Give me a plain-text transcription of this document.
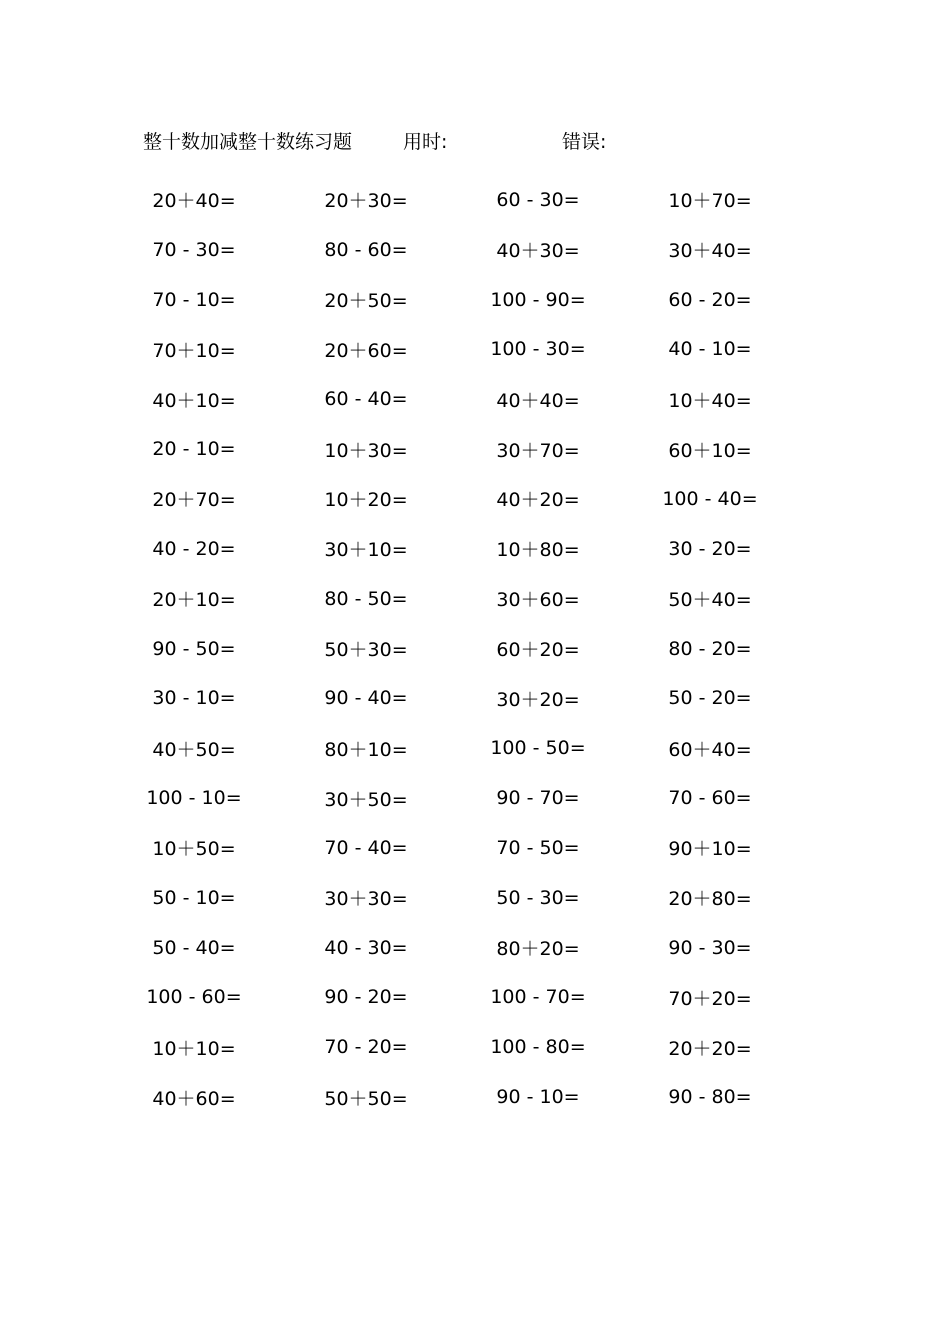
整十数加减整十数练习题	用时:	错误:
20＋40=	20＋30=	60 - 30=	10＋70=
70 - 30=	80 - 60=	40＋30=	30＋40=
70 - 10=	20＋50=	100 - 90=	60 - 20=
70＋10=	20＋60=	100 - 30=	40 - 10=
40＋10=	60 - 40=	40＋40=	10＋40=
20 - 10=	10＋30=	30＋70=	60＋10=
20＋70=	10＋20=	40＋20=	100 - 40=
40 - 20=	30＋10=	10＋80=	30 - 20=
20＋10=	80 - 50=	30＋60=	50＋40=
90 - 50=	50＋30=	60＋20=	80 - 20=
30 - 10=	90 - 40=	30＋20=	50 - 20=
40＋50=	80＋10=	100 - 50=	60＋40=
100 - 10=	30＋50=	90 - 70=	70 - 60=
10＋50=	70 - 40=	70 - 50=	90＋10=
50 - 10=	30＋30=	50 - 30=	20＋80=
50 - 40=	40 - 30=	80＋20=	90 - 30=
100 - 60=	90 - 20=	100 - 70=	70＋20=
10＋10=	70 - 20=	100 - 80=	20＋20=
40＋60=	50＋50=	90 - 10=	90 - 80=
